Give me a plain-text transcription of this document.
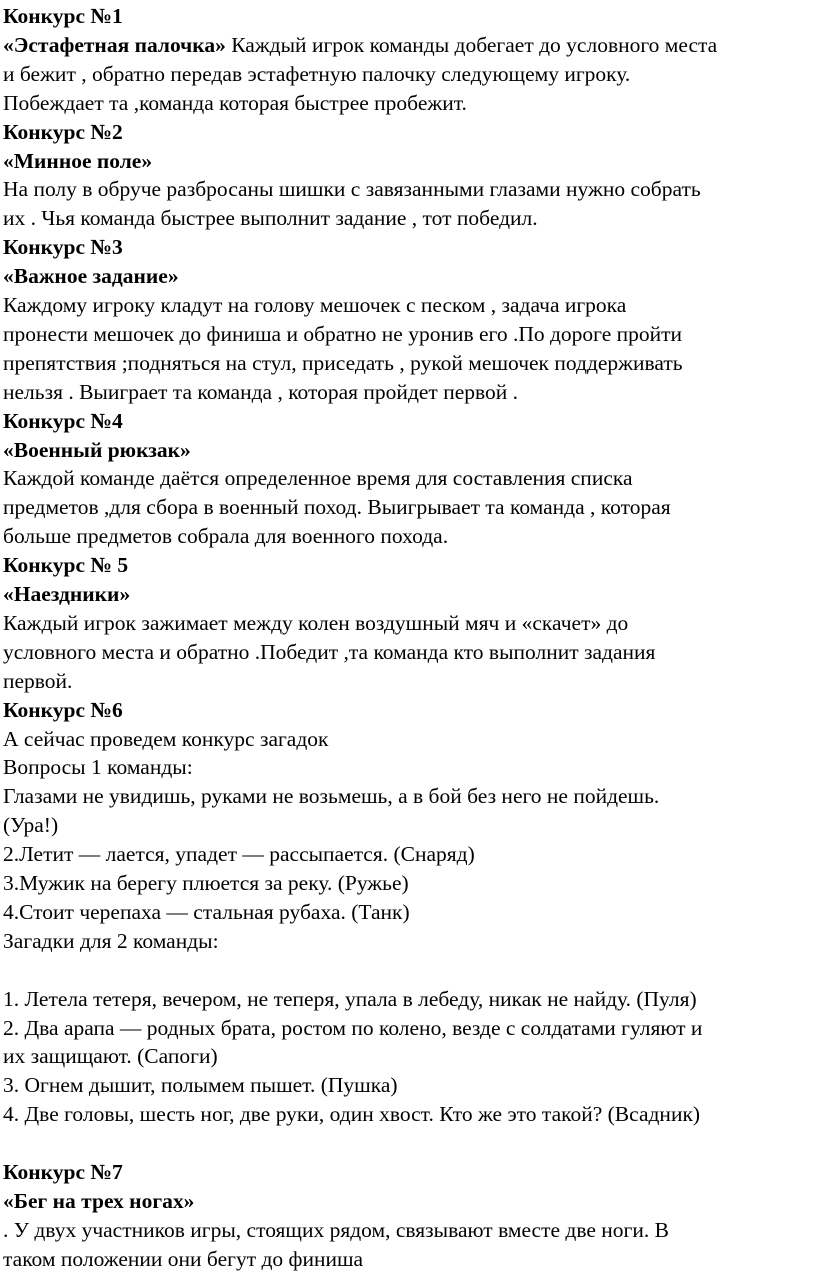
Конкурс №1
«Эстафетная палочка» Каждый игрок команды добегает до условного места
и бежит , обратно передав эстафетную палочку следующему игроку.
Побеждает та ,команда которая быстрее пробежит.
Конкурс №2
«Минное поле»
На полу в обруче разбросаны шишки с завязанными глазами нужно собрать
их . Чья команда быстрее выполнит задание , тот победил.
Конкурс №3
«Важное задание»
Каждому игроку кладут на голову мешочек с песком , задача игрока
пронести мешочек до финиша и обратно не уронив его .По дороге пройти
препятствия ;подняться на стул, приседать , рукой мешочек поддерживать
нельзя . Выиграет та команда , которая пройдет первой .
Конкурс №4
«Военный рюкзак»
Каждой команде даётся определенное время для составления списка
предметов ,для сбора в военный поход. Выигрывает та команда , которая
больше предметов собрала для военного похода.
Конкурс № 5
«Наездники»
Каждый игрок зажимает между колен воздушный мяч и «скачет» до
условного места и обратно .Победит ,та команда кто выполнит задания
первой.
Конкурс №6
А сейчас проведем конкурс загадок
Вопросы 1 команды:
Глазами не увидишь, руками не возьмешь, а в бой без него не пойдешь.
(Ура!)
2.Летит — лается, упадет — рассыпается. (Снаряд)
3.Мужик на берегу плюется за реку. (Ружье)
4.Стоит черепаха — стальная рубаха. (Танк)
Загадки для 2 команды:
1. Летела тетеря, вечером, не теперя, упала в лебеду, никак не найду. (Пуля)
2. Два арапа — родных брата, ростом по колено, везде с солдатами гуляют и
их защищают. (Сапоги)
3. Огнем дышит, полымем пышет. (Пушка)
4. Две головы, шесть ног, две руки, один хвост. Кто же это такой? (Всадник)
Конкурс №7
«Бег на трех ногах»
. У двух участников игры, стоящих рядом, связывают вместе две ноги. В
таком положении они бегут до финиша
